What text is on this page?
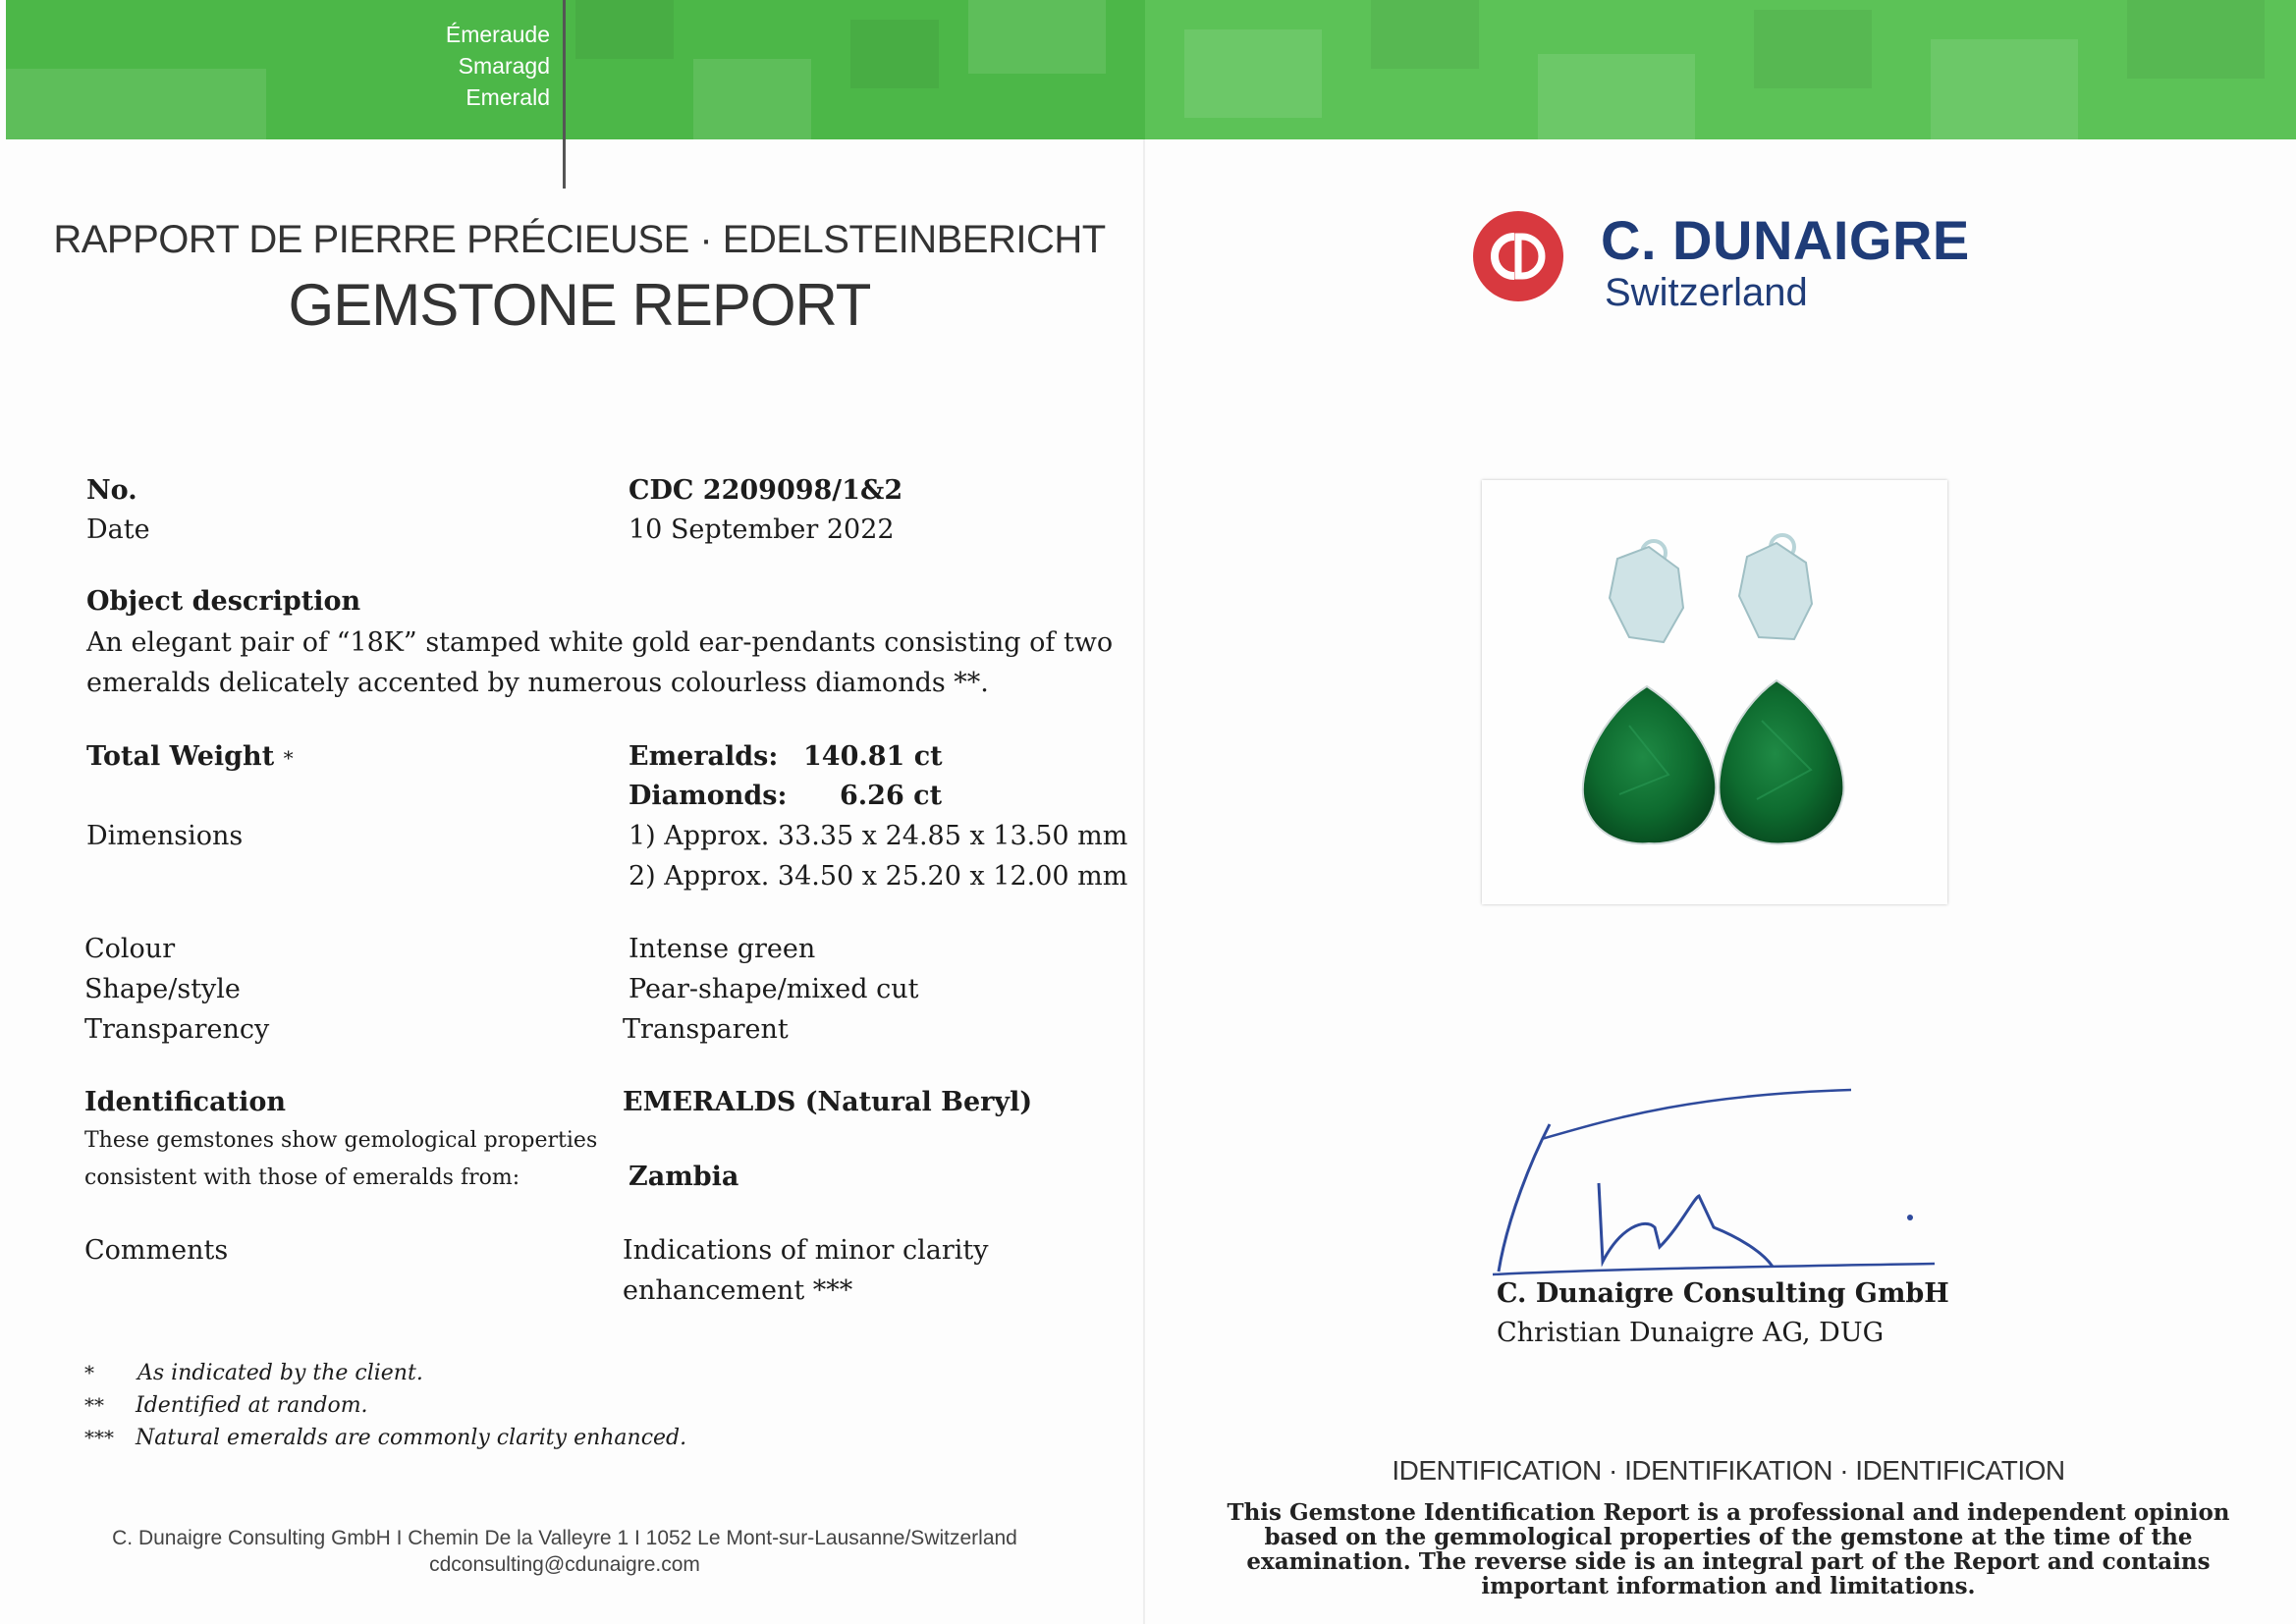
Émeraude
Smaragd
Emerald
RAPPORT DE PIERRE PRÉCIEUSE · EDELSTEINBERICHT
GEMSTONE REPORT
No.	CDC 2209098/1&2
Date	10 September 2022
Object description
An elegant pair of “18K” stamped white gold ear-pendants consisting of two
emeralds delicately accented by numerous colourless diamonds **.
Total Weight *	Emeralds: 140.81 ct
Diamonds: 6.26 ct
Dimensions	1) Approx. 33.35 x 24.85 x 13.50 mm
2) Approx. 34.50 x 25.20 x 12.00 mm
Colour	Intense green
Shape/style	Pear-shape/mixed cut
Transparency	Transparent
Identification	EMERALDS (Natural Beryl)
These gemstones show gemological properties
consistent with those of emeralds from:	Zambia
Comments	Indications of minor clarity
enhancement ***
* As indicated by the client.
** Identified at random.
*** Natural emeralds are commonly clarity enhanced.
C. Dunaigre Consulting GmbH I Chemin De la Valleyre 1 I 1052 Le Mont-sur-Lausanne/Switzerland
cdconsulting@cdunaigre.com
C. DUNAIGRE
Switzerland
C. Dunaigre Consulting GmbH
Christian Dunaigre AG, DUG
IDENTIFICATION · IDENTIFIKATION · IDENTIFICATION
This Gemstone Identification Report is a professional and independent opinion based on the gemmological properties of the gemstone at the time of the examination. The reverse side is an integral part of the Report and contains important information and limitations.
